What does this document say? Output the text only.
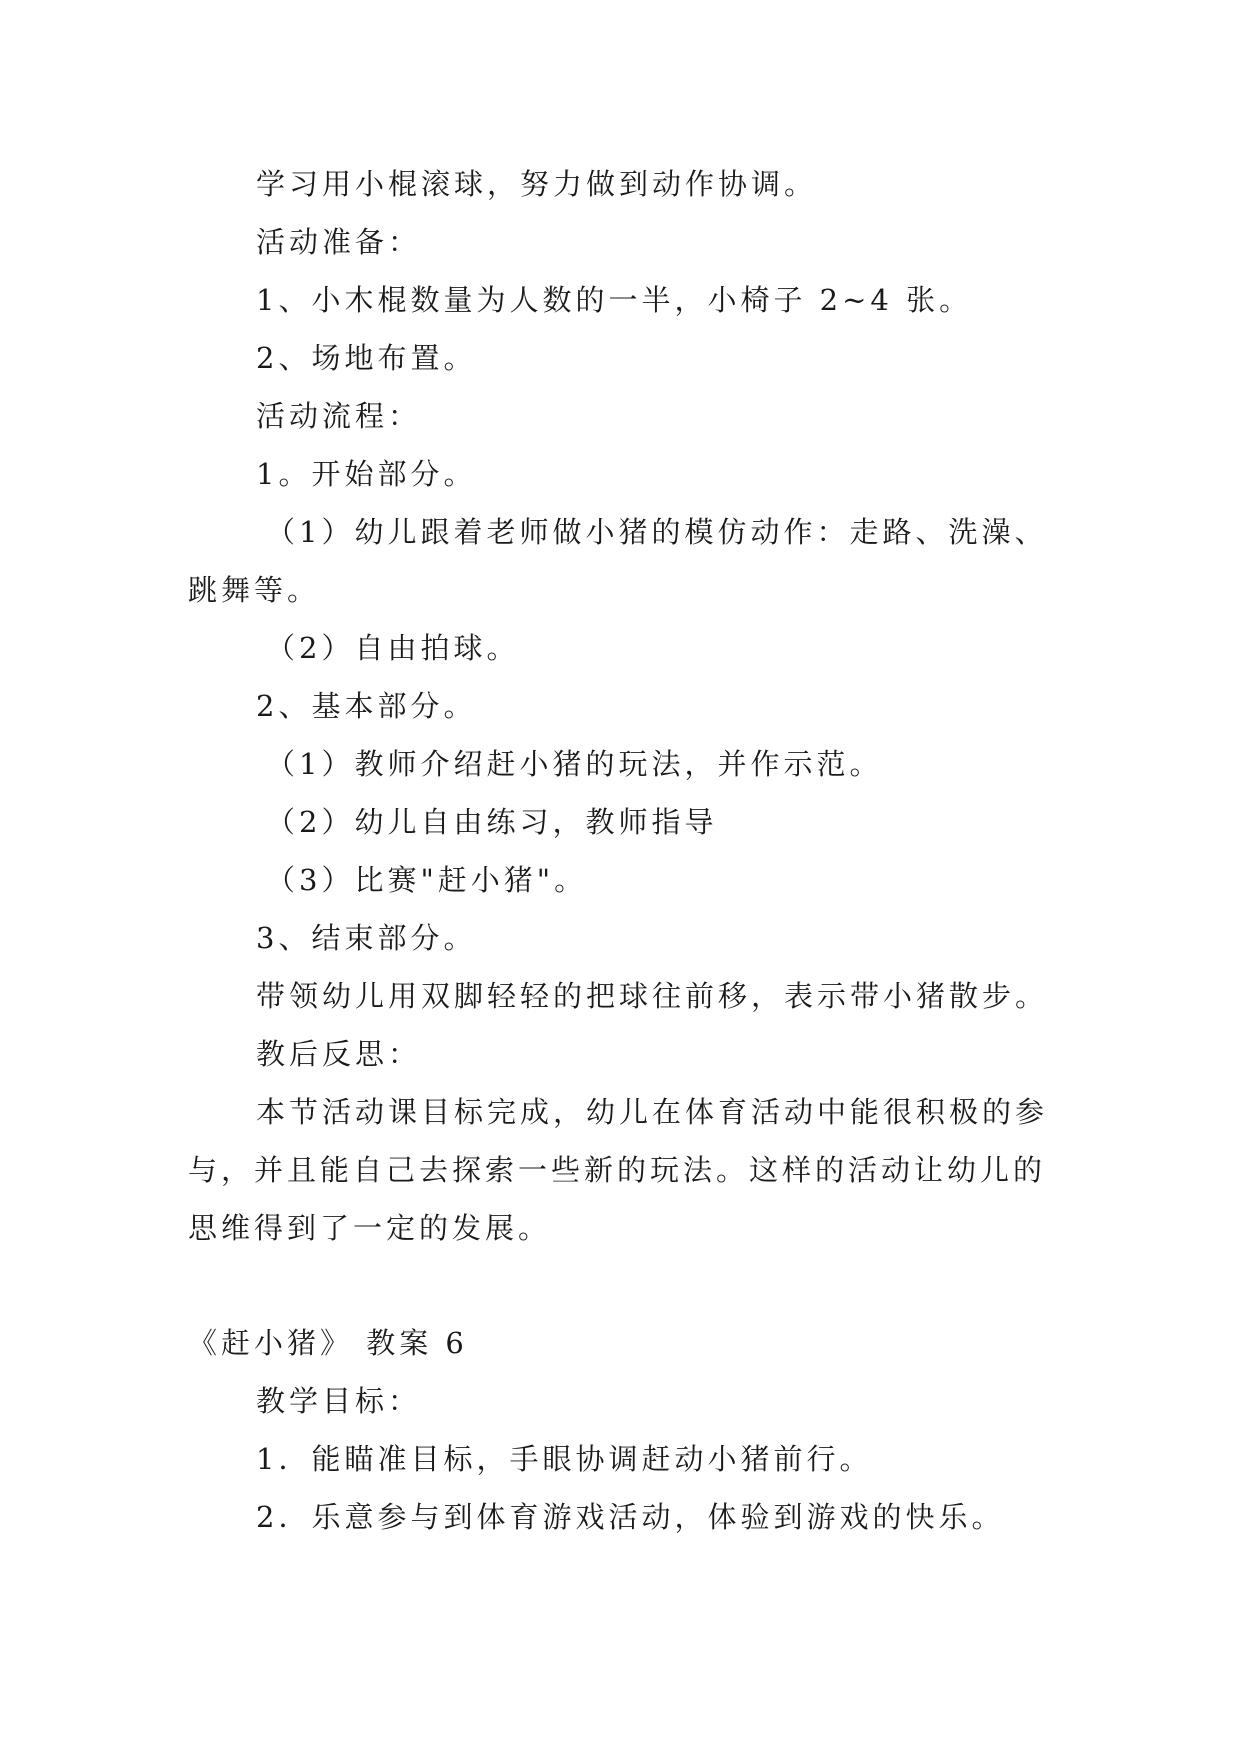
学习用小棍滚球，努力做到动作协调。
活动准备：
1、小木棍数量为人数的一半，小椅子 2~4 张。
2、场地布置。
活动流程：
1。开始部分。
（1）幼儿跟着老师做小猪的模仿动作：走路、洗澡、
跳舞等。
（2）自由拍球。
2、基本部分。
（1）教师介绍赶小猪的玩法，并作示范。
（2）幼儿自由练习，教师指导
（3）比赛"赶小猪"。
3、结束部分。
带领幼儿用双脚轻轻的把球往前移，表示带小猪散步。
教后反思：
本节活动课目标完成，幼儿在体育活动中能很积极的参
与，并且能自己去探索一些新的玩法。这样的活动让幼儿的
思维得到了一定的发展。
《赶小猪》 教案 6
教学目标：
1．能瞄准目标，手眼协调赶动小猪前行。
2．乐意参与到体育游戏活动，体验到游戏的快乐。
